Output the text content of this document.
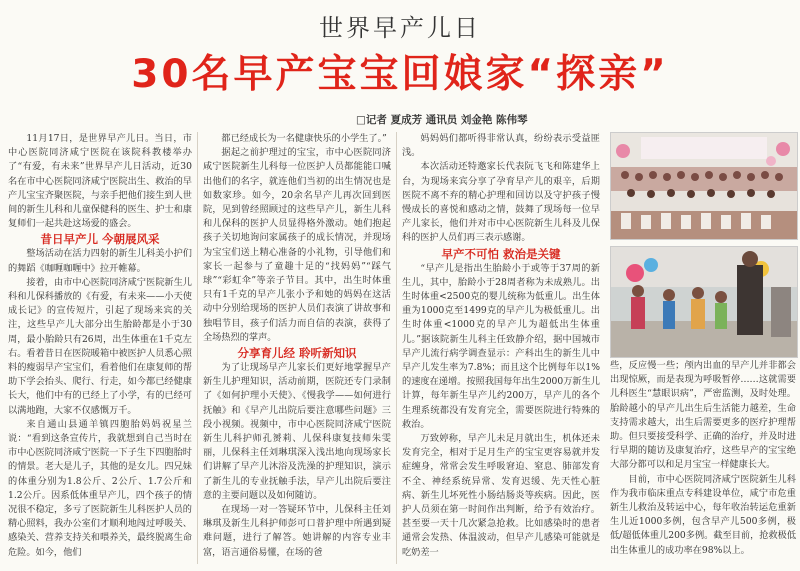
世界早产儿日
30名早产宝宝回娘家“探亲”
□记者 夏成芳 通讯员 刘金艳 陈伟琴

11月17日，是世界早产儿日。当日，市中心医院同济咸宁医院在该院科教楼举办了“有爱，有未来”世界早产儿日活动，近30名在市中心医院同济咸宁医院出生、救治的早产儿宝宝齐聚医院，与亲手把他们接生到人世间的新生儿科和儿童保健科的医生、护士和康复师们一起共赴这场爱的盛会。

昔日早产儿 今朝展风采

整场活动在活力四射的新生儿科美小护们的舞蹈《咖喱咖喱中》拉开帷幕。

接着，由市中心医院同济咸宁医院新生儿科和儿保科播放的《有爱，有未来——小天使成长记》的宣传短片，引起了现场来宾的关注，这些早产儿大部分出生胎龄都是小于30周，最小胎龄只有26周，出生体重在1千克左右。看着昔日在医院暖箱中被医护人员悉心照料的瘦弱早产宝宝们，看着他们在康复师的帮助下学会抬头、爬行、行走，如今都已经健康长大，他们中有的已经上了小学，有的已经可以满地跑，大家不仅感慨万千。

来自通山县通羊镇四胞胎妈妈祝星兰说：“看到这条宣传片，我就想到自己当时在市中心医院同济咸宁医院一下子生下四胞胎时的情景。老大是儿子，其他的是女儿。四兄妹的体重分别为1.8公斤、2公斤、1.7公斤和1.2公斤。因系低体重早产儿，四个孩子的情况很不稳定，多亏了医院新生儿科医护人员的精心照料，我办公室们才顺利地闯过呼吸关、感染关、营养支持关和喂养关，最终脱离生命危险。如今，他们

都已经成长为一名健康快乐的小学生了。”

据起之前护理过的宝宝，市中心医院同济咸宁医院新生儿科每一位医护人员都能能口喊出他们的名字，就连他们当初的出生情况也是如数家珍。如今，20余名早产儿再次回到医院，见到曾经照顾过的这些早产儿，新生儿科和儿保科的医护人员显得格外激动。她们抱起孩子关切地询问家属孩子的成长情况，并现场为宝宝们送上精心准备的小礼物，引导他们和家长一起参与了童趣十足的“找妈妈”“踩气球”“彩虹伞”等亲子节目。其中，出生时体重只有1千克的早产儿张小予和她的妈妈在这活动中分别给现场的医护人员们表演了讲故事和独唱节目，孩子们活力而自信的表演，获得了全场热烈的掌声。

分享育儿经 聆听新知识

为了让现场早产儿家长们更好地掌握早产新生儿护理知识，活动前期，医院还专门录制了《如何护理小天使》、《慢我学——如何进行抚触》和《早产儿出院后要注意哪些问题》三段小视频。视频中，市中心医院同济咸宁医院新生儿科护师孔赟莉、儿保科康复技师朱雯丽，儿保科主任刘琳琪深入浅出地向现场家长们讲解了早产儿沐浴及洗澡的护理知识，演示了新生儿的专业抚触手法，早产儿出院后要注意的主要问题以及如何随访。

在现场一对一答疑环节中，儿保科主任刘琳琪及新生儿科护师彭可口普护理中所遇到疑难问题，进行了解答。她讲解的内容专业丰富，语言通俗易懂，在场的爸

妈妈妈们都听得非常认真，纷纷表示受益匪浅。

本次活动还特邀家长代表阮飞飞和陈建华上台，为现场来宾分享了孕育早产儿的艰辛，后期医院不离不弃的精心护理和回访以及守护孩子慢慢成长的喜悦和感动之情，鼓舞了现场每一位早产儿家长，他们并对市中心医院新生儿科及儿保科的医护人员们再三表示感谢。

早产不可怕 救治是关键

“早产儿是指出生胎龄小于或等于37周的新生儿，其中，胎龄小于28周者称为未成熟儿。出生时体重<2500克的婴儿统称为低重儿。出生体重为1000克至1499克的早产儿为极低重儿。出生时体重<1000克的早产儿为超低出生体重儿。”据该院新生儿科主任致静介绍，据中国城市早产儿流行病学调查显示：产科出生的新生儿中早产儿发生率为7.8%；而且这个比例每年以1%的速度在递增。按照我国每年出生2000万新生儿计算，每年新生早产儿约200万，早产儿的各个生理系统都没有发育完全，需要医院进行特殊的救治。

万致婷称，早产儿未足月就出生，机体还未发育完全，相对于足月生产的宝宝更容易就并发症缠身，常常会发生呼吸窘迫、窒息、肺部发育不全、神经系统异常、发育迟缓、先天性心脏病、新生儿坏死性小肠结肠炎等疾病。因此，医护人员须在第一时间作出判断，给予有效治疗。甚至要一天十几次紧急抢救。比如感染时的患者通常会发热、体温波动，但早产儿感染可能就是吃奶差一

些，反应慢一些；颅内出血的早产儿并非都会出现惊厥，而是表现为呼吸暂停……这就需要儿科医生“慧眼识病”，严密监测，及时处理。胎龄越小的早产儿出生后生活能力越差，生命支持需求越大，出生后需要更多的医疗护理帮助。但只要接受科学、正确的治疗，并及时进行早期的随访及康复治疗，这些早产的宝宝绝大部分都可以和足月宝宝一样健康长大。

目前，市中心医院同济咸宁医院新生儿科作为我市临床重点专科建设单位，咸宁市危重新生儿救治及转运中心，每年收治转运危重新生儿近1000多例，包含早产儿500多例，极低/超低体重儿200多例。截至目前，抢救极低出生体重儿的成功率在98%以上。
